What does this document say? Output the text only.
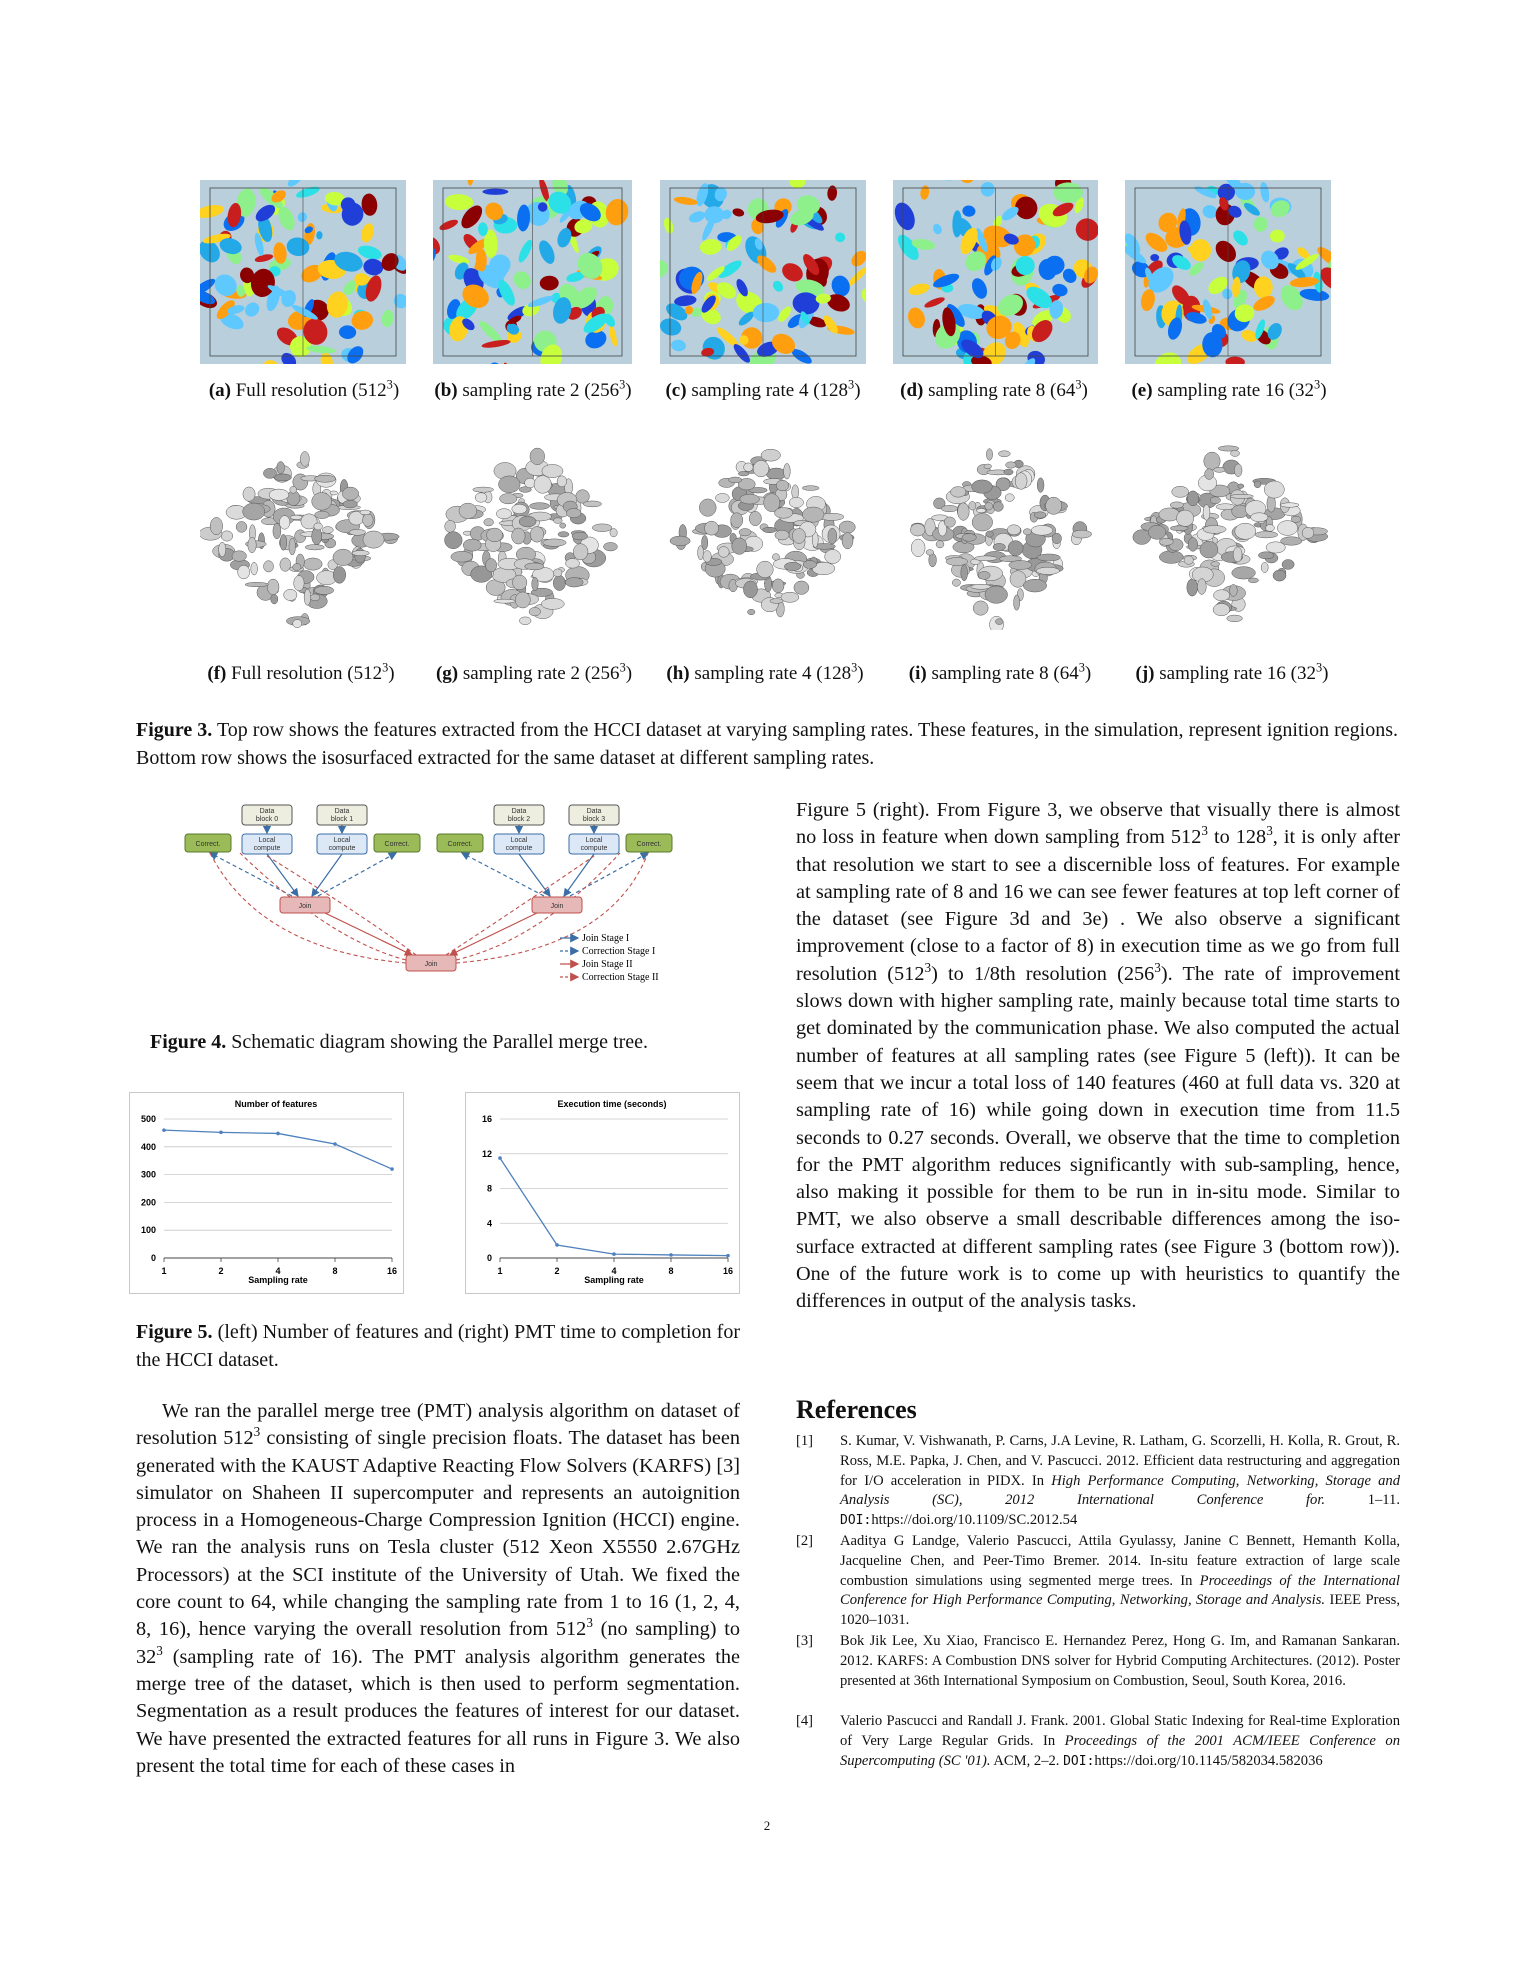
(a) Full resolution $(512^3)$	(b) sampling rate 2 $(256^3)$	(c) sampling rate 4 $(128^3)$	(d) sampling rate 8 $(64^3)$	(e) sampling rate 16 $(32^3)$
(f) Full resolution $(512^3)$	(g) sampling rate 2 $(256^3)$	(h) sampling rate 4 $(128^3)$	(i) sampling rate 8 $(64^3)$	(j) sampling rate 16 $(32^3)$
Figure 3. Top row shows the features extracted from the HCCI dataset at varying sampling rates. These features, in the simulation, represent ignition regions. Bottom row shows the isosurfaced extracted for the same dataset at different sampling rates.
Data
block 0
Data
block 1
Data
block 2
Data
block 3
Local
compute
Local
compute
Local
compute
Local
compute
Correct.	Correct.	Correct.	Correct.
Join	Join
Join
Join Stage I
Correction Stage I
Join Stage II
Correction Stage II
Figure 4. Schematic diagram showing the Parallel merge tree.
Number of features
0
100
200
300
400
500
1	2	4	8	16
Sampling rate
Execution time (seconds)
0
4
8
12
16
1	2	4	8	16
Sampling rate
Figure 5. (left) Number of features and (right) PMT time to completion for the HCCI dataset.

We ran the parallel merge tree (PMT) analysis algorithm on dataset of resolution $512^3$ consisting of single precision floats. The dataset has been generated with the KAUST Adaptive Reacting Flow Solvers (KARFS) [3] simulator on Shaheen II supercomputer and represents an autoignition process in a Homogeneous-Charge Compression Ignition (HCCI) engine. We ran the analysis runs on Tesla cluster (512 Xeon X5550 2.67GHz Processors) at the SCI institute of the University of Utah. We fixed the core count to 64, while changing the sampling rate from 1 to 16 (1, 2, 4, 8, 16), hence varying the overall resolution from $512^3$ (no sampling) to $32^3$ (sampling rate of 16). The PMT analysis algorithm generates the merge tree of the dataset, which is then used to perform segmentation. Segmentation as a result produces the features of interest for our dataset. We have presented the extracted features for all runs in Figure 3. We also present the total time for each of these cases in

Figure 5 (right). From Figure 3, we observe that visually there is almost no loss in feature when down sampling from $512^3$ to $128^3$, it is only after that resolution we start to see a discernible loss of features. For example at sampling rate of 8 and 16 we can see fewer features at top left corner of the dataset (see Figure 3d and 3e) . We also observe a significant improvement (close to a factor of 8) in execution time as we go from full resolution $(512^3)$ to 1/8th resolution $(256^3)$. The rate of improvement slows down with higher sampling rate, mainly because total time starts to get dominated by the communication phase. We also computed the actual number of features at all sampling rates (see Figure 5 (left)). It can be seem that we incur a total loss of 140 features (460 at full data vs. 320 at sampling rate of 16) while going down in execution time from 11.5 seconds to 0.27 seconds. Overall, we observe that the time to completion for the PMT algorithm reduces significantly with sub-sampling, hence, also making it possible for them to be run in in-situ mode. Similar to PMT, we also observe a small describable differences among the iso-surface extracted at different sampling rates (see Figure 3 (bottom row)). One of the future work is to come up with heuristics to quantify the differences in output of the analysis tasks.

References
[1] S. Kumar, V. Vishwanath, P. Carns, J.A Levine, R. Latham, G. Scorzelli, H. Kolla, R. Grout, R. Ross, M.E. Papka, J. Chen, and V. Pascucci. 2012. Efficient data restructuring and aggregation for I/O acceleration in PIDX. In High Performance Computing, Networking, Storage and Analysis (SC), 2012 International Conference for. 1–11. DOI:https://doi.org/10.1109/SC.2012.54
[2] Aaditya G Landge, Valerio Pascucci, Attila Gyulassy, Janine C Bennett, Hemanth Kolla, Jacqueline Chen, and Peer-Timo Bremer. 2014. In-situ feature extraction of large scale combustion simulations using segmented merge trees. In Proceedings of the International Conference for High Performance Computing, Networking, Storage and Analysis. IEEE Press, 1020–1031.
[3] Bok Jik Lee, Xu Xiao, Francisco E. Hernandez Perez, Hong G. Im, and Ramanan Sankaran. 2012. KARFS: A Combustion DNS solver for Hybrid Computing Architectures. (2012). Poster presented at 36th International Symposium on Combustion, Seoul, South Korea, 2016.
[4] Valerio Pascucci and Randall J. Frank. 2001. Global Static Indexing for Real-time Exploration of Very Large Regular Grids. In Proceedings of the 2001 ACM/IEEE Conference on Supercomputing (SC '01). ACM, 2–2. DOI:https://doi.org/10.1145/582034.582036
2
